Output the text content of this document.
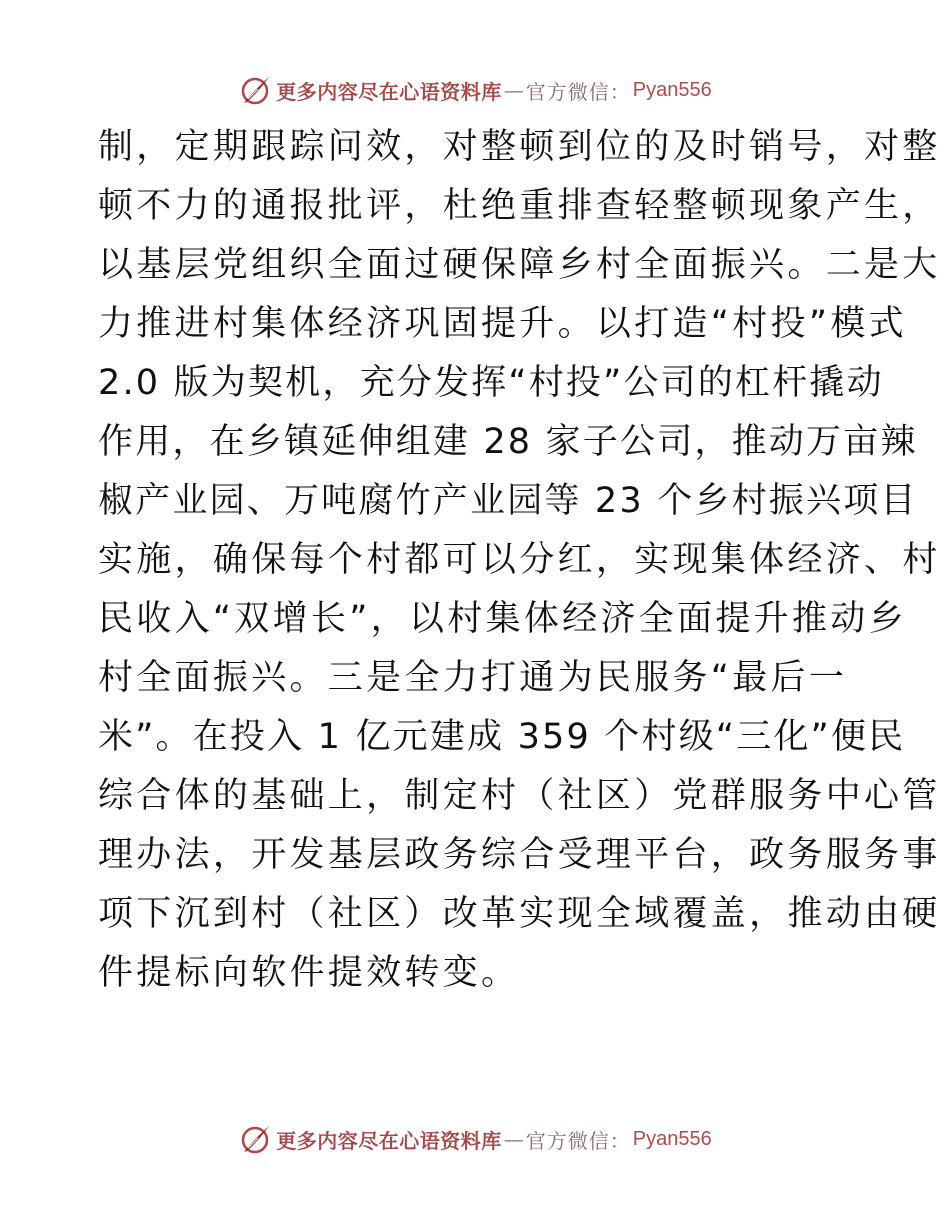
更多内容尽在心语资料库 — 官方微信： Pyan556
制，定期跟踪问效，对整顿到位的及时销号，对整
顿不力的通报批评，杜绝重排查轻整顿现象产生，
以基层党组织全面过硬保障乡村全面振兴。二是大
力推进村集体经济巩固提升。以打造“村投”模式
2.0 版为契机，充分发挥“村投”公司的杠杆撬动
作用，在乡镇延伸组建 28 家子公司，推动万亩辣
椒产业园、万吨腐竹产业园等 23 个乡村振兴项目
实施，确保每个村都可以分红，实现集体经济、村
民收入“双增长”，以村集体经济全面提升推动乡
村全面振兴。三是全力打通为民服务“最后一
米”。在投入 1 亿元建成 359 个村级“三化”便民
综合体的基础上，制定村（社区）党群服务中心管
理办法，开发基层政务综合受理平台，政务服务事
项下沉到村（社区）改革实现全域覆盖，推动由硬
件提标向软件提效转变。
更多内容尽在心语资料库 — 官方微信： Pyan556
